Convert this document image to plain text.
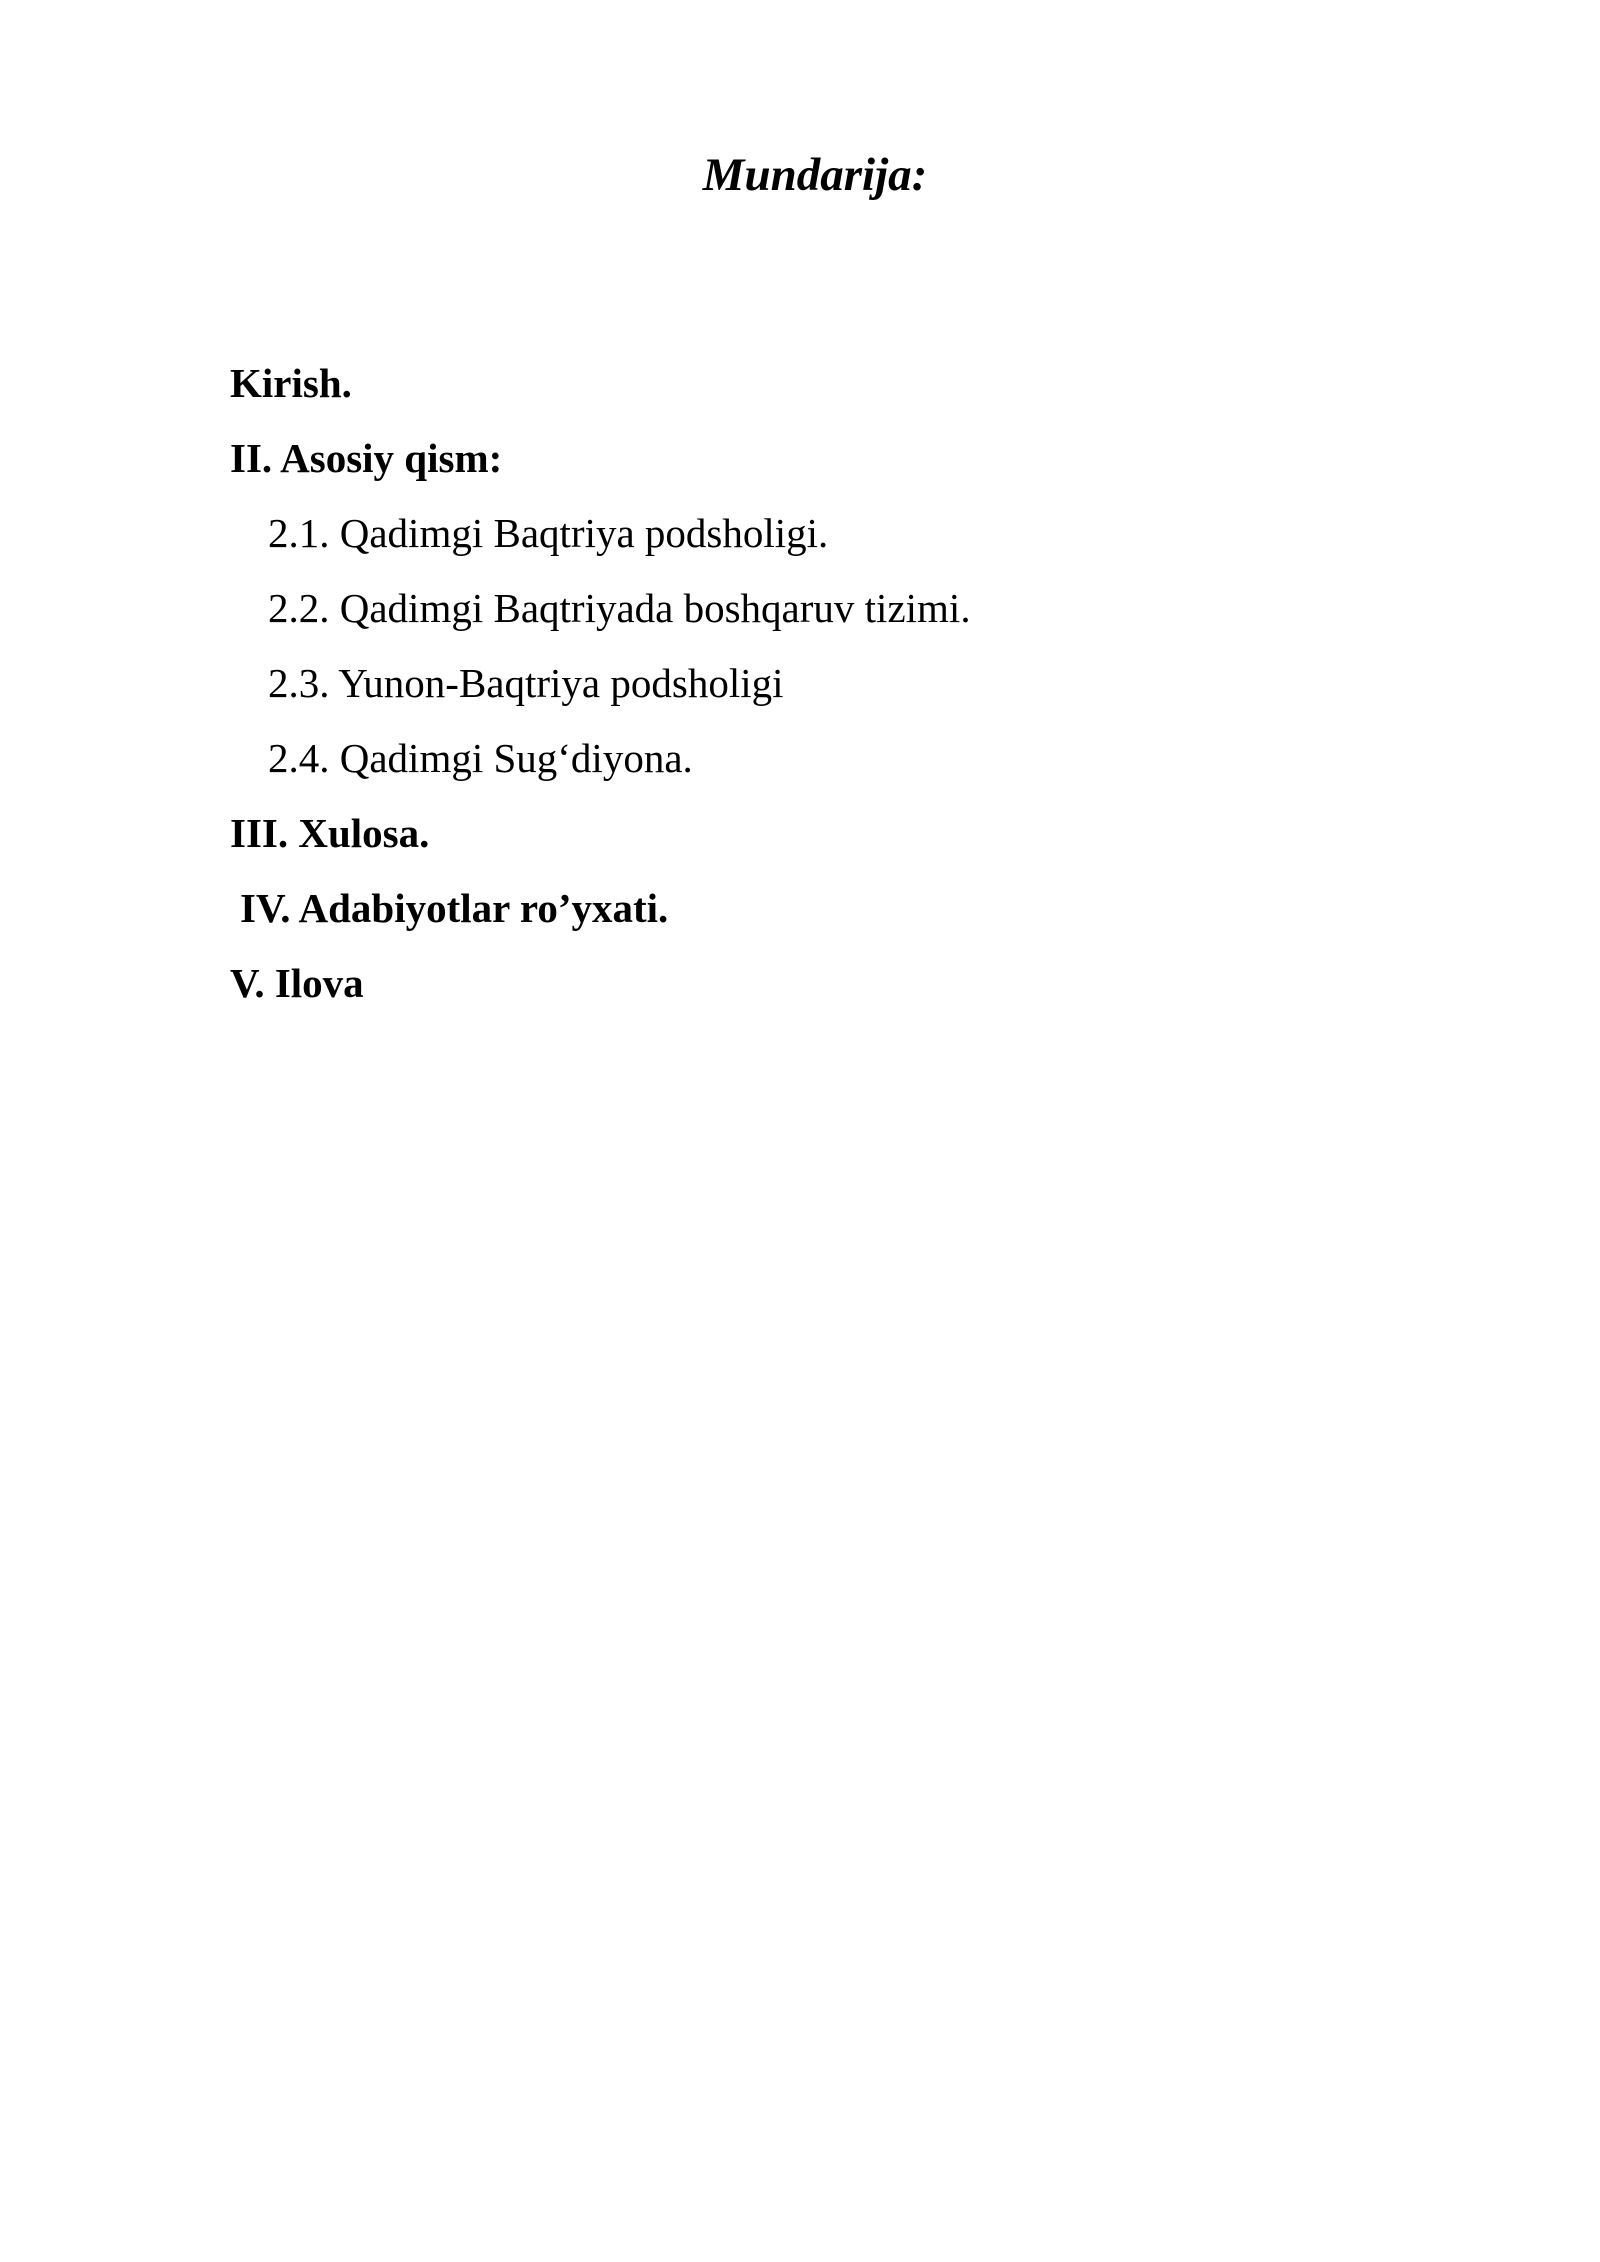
Mundarija:
Kirish.
II. Asosiy qism:
2.1. Qadimgi Baqtriya podsholigi.
2.2. Qadimgi Baqtriyada boshqaruv tizimi.
2.3. Yunon-Baqtriya podsholigi
2.4. Qadimgi Sug‘diyona.
III. Xulosa.
IV. Adabiyotlar ro’yxati.
V. Ilova
